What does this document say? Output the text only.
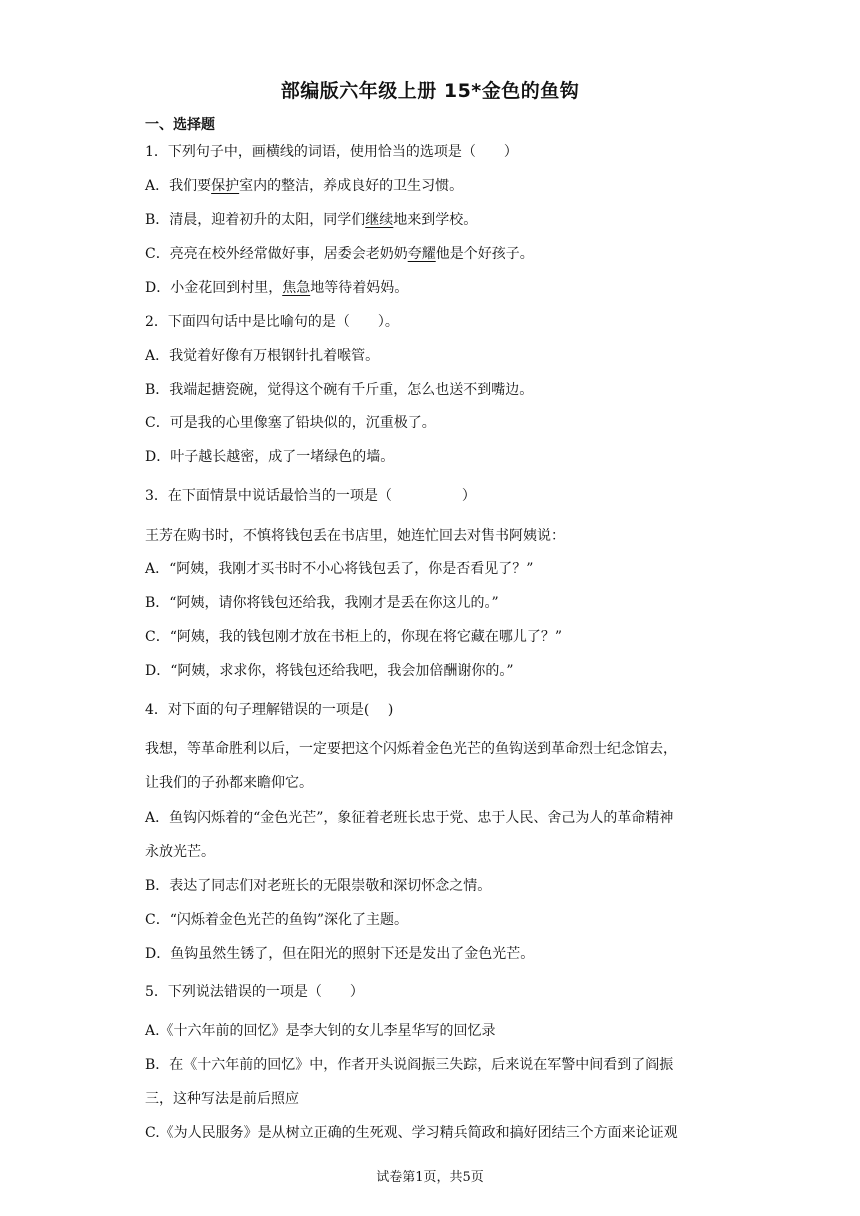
部编版六年级上册 15*金色的鱼钩
一、选择题
1．下列句子中，画横线的词语，使用恰当的选项是（　　）
A．我们要保护室内的整洁，养成良好的卫生习惯。
B．清晨，迎着初升的太阳，同学们继续地来到学校。
C．亮亮在校外经常做好事，居委会老奶奶夸耀他是个好孩子。
D．小金花回到村里，焦急地等待着妈妈。
2．下面四句话中是比喻句的是（　　）。
A．我觉着好像有万根钢针扎着喉管。
B．我端起搪瓷碗，觉得这个碗有千斤重，怎么也送不到嘴边。
C．可是我的心里像塞了铅块似的，沉重极了。
D．叶子越长越密，成了一堵绿色的墙。
3．在下面情景中说话最恰当的一项是（　　　　　）
王芳在购书时，不慎将钱包丢在书店里，她连忙回去对售书阿姨说：
A．“阿姨，我刚才买书时不小心将钱包丢了，你是否看见了？”
B．“阿姨，请你将钱包还给我，我刚才是丢在你这儿的。”
C．“阿姨，我的钱包刚才放在书柜上的，你现在将它藏在哪儿了？”
D．“阿姨，求求你，将钱包还给我吧，我会加倍酬谢你的。”
4．对下面的句子理解错误的一项是(　 )
我想，等革命胜利以后，一定要把这个闪烁着金色光芒的鱼钩送到革命烈士纪念馆去，
让我们的子孙都来瞻仰它。
A．鱼钩闪烁着的“金色光芒”，象征着老班长忠于党、忠于人民、舍己为人的革命精神
永放光芒。
B．表达了同志们对老班长的无限崇敬和深切怀念之情。
C．“闪烁着金色光芒的鱼钩”深化了主题。
D．鱼钩虽然生锈了，但在阳光的照射下还是发出了金色光芒。
5．下列说法错误的一项是（　　）
A.《十六年前的回忆》是李大钊的女儿李星华写的回忆录
B．在《十六年前的回忆》中，作者开头说阎振三失踪，后来说在军警中间看到了阎振
三，这种写法是前后照应
C.《为人民服务》是从树立正确的生死观、学习精兵简政和搞好团结三个方面来论证观
试卷第1页，共5页
